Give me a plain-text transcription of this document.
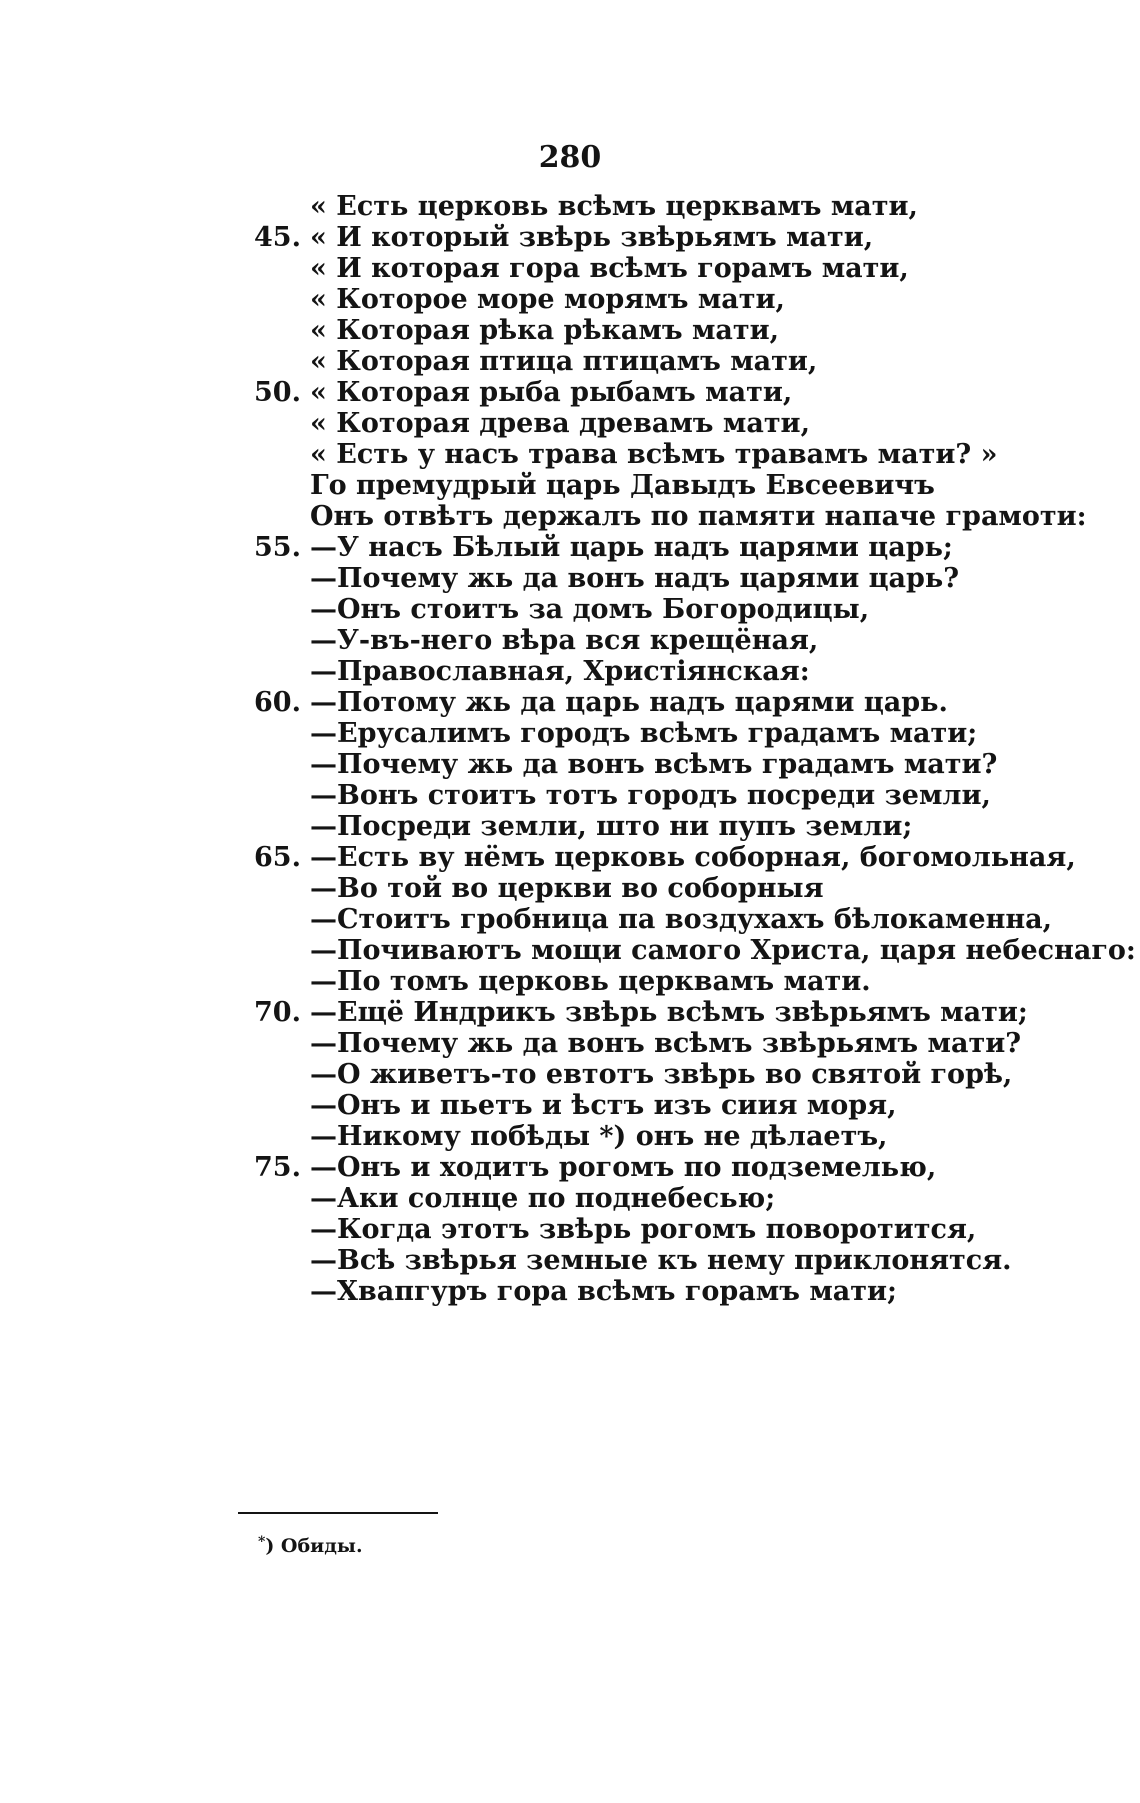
280
« Есть церковь всѣмъ церквамъ мати,
45. « И который звѣрь звѣрьямъ мати,
« И которая гора всѣмъ горамъ мати,
« Которое море морямъ мати,
« Которая рѣка рѣкамъ мати,
« Которая птица птицамъ мати,
50. « Которая рыба рыбамъ мати,
« Которая древа древамъ мати,
« Есть у насъ трава всѣмъ травамъ мати? »
Го премудрый царь Давыдъ Евсеевичъ
Онъ отвѣтъ держалъ по памяти напаче грамоти:
55. —У насъ Бѣлый царь надъ царями царь;
—Почему жь да вонъ надъ царями царь?
—Онъ стоитъ за домъ Богородицы,
—У-въ-него вѣра вся крещёная,
—Православная, Христіянская:
60. —Потому жь да царь надъ царями царь.
—Ерусалимъ городъ всѣмъ градамъ мати;
—Почему жь да вонъ всѣмъ градамъ мати?
—Вонъ стоитъ тотъ городъ посреди земли,
—Посреди земли, што ни пупъ земли;
65. —Есть ву нёмъ церковь соборная, богомольная,
—Во той во церкви во соборныя
—Стоитъ гробница па воздухахъ бѣлокаменна,
—Почиваютъ мощи самого Христа, царя небеснаго:
—По томъ церковь церквамъ мати.
70. —Ещё Индрикъ звѣрь всѣмъ звѣрьямъ мати;
—Почему жь да вонъ всѣмъ звѣрьямъ мати?
—О живетъ-то евтотъ звѣрь во святой горѣ,
—Онъ и пьетъ и ѣстъ изъ сиия моря,
—Никому побѣды *) онъ не дѣлаетъ,
75. —Онъ и ходитъ рогомъ по подземелью,
—Аки солнце по поднебесью;
—Когда этотъ звѣрь рогомъ поворотится,
—Всѣ звѣрья земные къ нему приклонятся.
—Хвапгуръ гора всѣмъ горамъ мати;
*) Обиды.
